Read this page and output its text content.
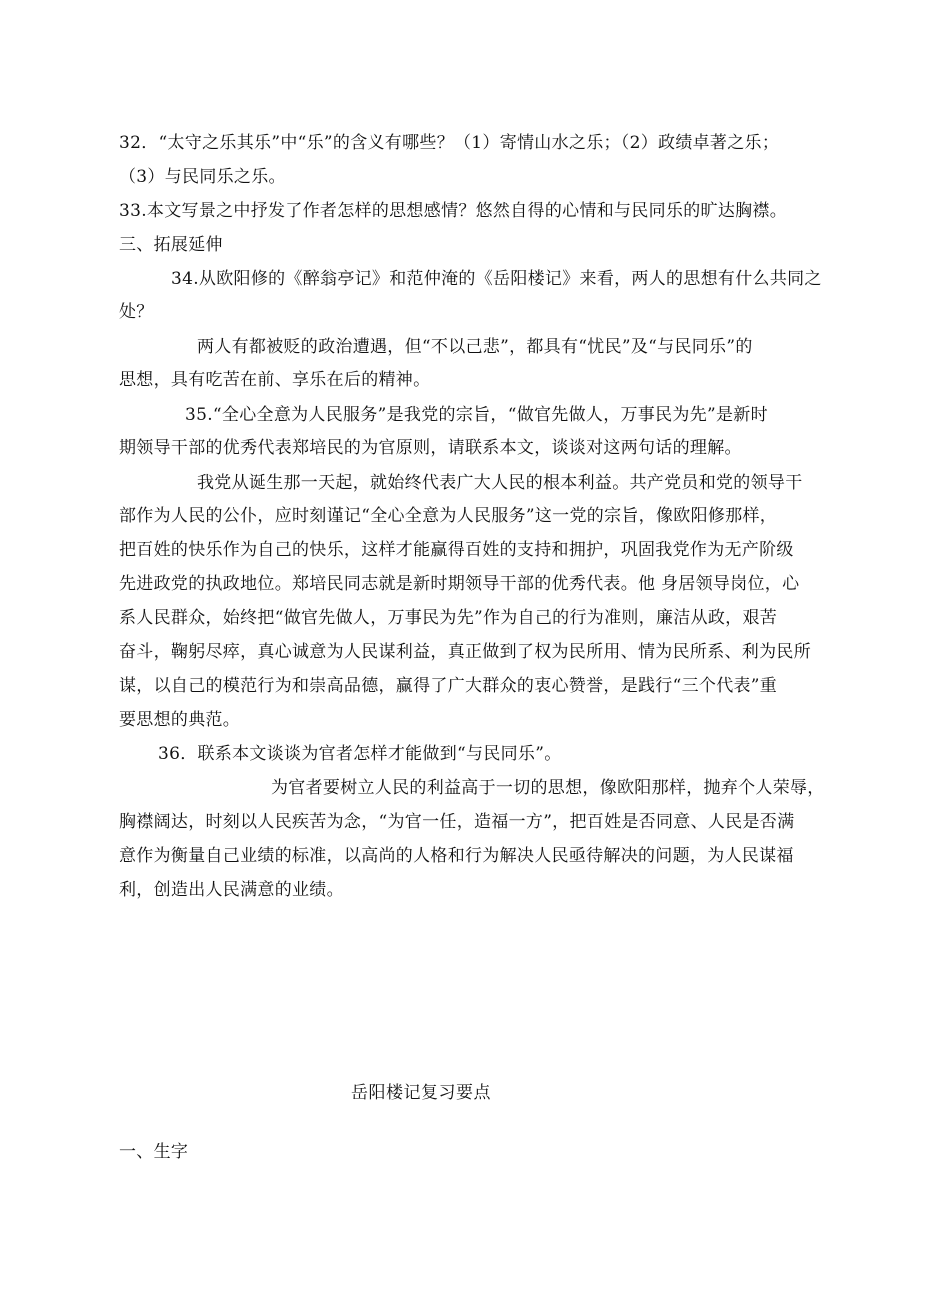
32．“太守之乐其乐”中“乐”的含义有哪些？（1）寄情山水之乐；（2）政绩卓著之乐；
（3）与民同乐之乐。
33.本文写景之中抒发了作者怎样的思想感情？悠然自得的心情和与民同乐的旷达胸襟。
三、拓展延伸
34.从欧阳修的《醉翁亭记》和范仲淹的《岳阳楼记》来看，两人的思想有什么共同之
处？
两人有都被贬的政治遭遇，但“不以己悲”，都具有“忧民”及“与民同乐”的
思想，具有吃苦在前、享乐在后的精神。
35.“全心全意为人民服务”是我党的宗旨，“做官先做人，万事民为先”是新时
期领导干部的优秀代表郑培民的为官原则，请联系本文，谈谈对这两句话的理解。
我党从诞生那一天起，就始终代表广大人民的根本利益。共产党员和党的领导干
部作为人民的公仆，应时刻谨记“全心全意为人民服务”这一党的宗旨，像欧阳修那样，
把百姓的快乐作为自己的快乐，这样才能赢得百姓的支持和拥护，巩固我党作为无产阶级
先进政党的执政地位。郑培民同志就是新时期领导干部的优秀代表。他 身居领导岗位，心
系人民群众，始终把“做官先做人，万事民为先”作为自己的行为准则，廉洁从政，艰苦
奋斗，鞠躬尽瘁，真心诚意为人民谋利益，真正做到了权为民所用、情为民所系、利为民所
谋，以自己的模范行为和崇高品德，赢得了广大群众的衷心赞誉，是践行“三个代表”重
要思想的典范。
36．联系本文谈谈为官者怎样才能做到“与民同乐”。
为官者要树立人民的利益高于一切的思想，像欧阳那样，抛弃个人荣辱，
胸襟阔达，时刻以人民疾苦为念，“为官一任，造福一方”，把百姓是否同意、人民是否满
意作为衡量自己业绩的标准，以高尚的人格和行为解决人民亟待解决的问题，为人民谋福
利，创造出人民满意的业绩。
岳阳楼记复习要点
一、生字
